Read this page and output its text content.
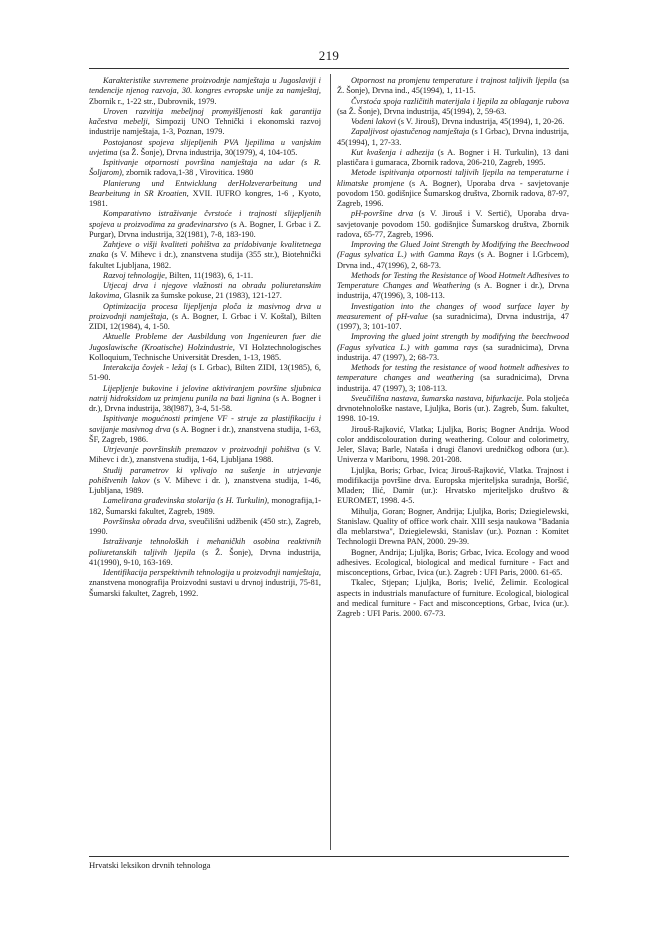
219

Karakteristike suvremene proizvodnje namještaja u Jugoslaviji i tendencije njenog razvoja, 30. kongres evropske unije za namještaj, Zbornik r., 1-22 str., Dubrovnik, 1979.

Uroven razvitija mebeljnoj promyišljenosti kak garantija kačestva mebelji, Simpozij UNO Tehnički i ekonomski razvoj industrije namještaja, 1-3, Poznan, 1979.

Postojanost spojeva slijepljenih PVA ljepilima u vanjskim uvjetima (sa Ž. Šonje), Drvna industrija, 30(1979), 4, 104-105.

Ispitivanje otpornosti površina namještaja na udar (s R. Šoljarom), zbornik radova,1-38 , Virovitica. 1980

Planierung und Entwicklung derHolzverarbeitung und Bearbeitung in SR Kroatien, XVII. IUFRO kongres, 1-6 , Kyoto, 1981.

Komparativno istraživanje čvrstoće i trajnosti slijepljenih spojeva u proizvodima za građevinarstvo (s A. Bogner, I. Grbac i Z. Purgar), Drvna industrija, 32(1981), 7-8, 183-190.

Zahtjeve o višji kvaliteti pohištva za pridobivanje kvalitetnega znaka (s V. Mihevc i dr.), znanstvena studija (355 str.), Biotehnički fakultet Ljubljana, 1982.

Razvoj tehnologije, Bilten, 11(1983), 6, 1-11.

Utjecaj drva i njegove vlažnosti na obradu poliuretanskim lakovima, Glasnik za šumske pokuse, 21 (1983), 121-127.

Optimizacija procesa lijepljenja ploča iz masivnog drva u proizvodnji namještaja, (s A. Bogner, I. Grbac i V. Koštal), Bilten ZIDI, 12(1984), 4, 1-50.

Aktuelle Probleme der Ausbildung von Ingenieuren fuer die Jugoslawische (Kroatische) Holzindustrie, VI Holztechnologisches Kolloquium, Technische Universität Dresden, 1-13, 1985.

Interakcija čovjek - ležaj (s I. Grbac), Bilten ZIDI, 13(1985), 6, 51-90.

Lijepljenje bukovine i jelovine aktiviranjem površine sljubnica natrij hidroksidom uz primjenu punila na bazi lignina (s A. Bogner i dr.), Drvna industrija, 38(l987), 3-4, 51-58.

Ispitivanje mogućnosti primjene VF - struje za plastifikaciju i savijanje masivnog drva (s A. Bogner i dr.), znanstvena studija, 1-63, ŠF, Zagreb, 1986.

Utrjevanje površinskih premazov v proizvodnji pohištva (s V. Mihevc i dr.), znanstvena studija, 1-64, Ljubljana 1988.

Studij parametrov ki vplivajo na sušenje in utrjevanje pohištvenih lakov (s V. Mihevc i dr. ), znanstvena studija, 1-46, Ljubljana, 1989.

Lamelirana građevinska stolarija (s H. Turkulin), monografija,1-182, Šumarski fakultet, Zagreb, 1989.

Površinska obrada drva, sveučilišni udžbenik (450 str.), Zagreb, 1990.

Istraživanje tehnoloških i mehaničkih osobina reaktivnih poliuretanskih taljivih ljepila (s Ž. Šonje), Drvna industrija, 41(1990), 9-10, 163-169.

Identifikacija perspektivnih tehnologija u proizvodnji namještaja, znanstvena monografija Proizvodni sustavi u drvnoj industriji, 75-81, Šumarski fakultet, Zagreb, 1992.

Otpornost na promjenu temperature i trajnost taljivih ljepila (sa Ž. Šonje), Drvna ind., 45(1994), 1, 11-15.

Čvrstoća spoja različitih materijala i ljepila za oblaganje rubova (sa Ž. Šonje), Drvna industrija, 45(1994), 2, 59-63.

Vodeni lakovi (s V. Jirouš), Drvna industrija, 45(1994), 1, 20-26.

Zapaljivost ojastučenog namještaja (s I Grbac), Drvna industrija, 45(1994), 1, 27-33.

Kut kvašenja i adhezija (s A. Bogner i H. Turkulin), 13 dani plastičara i gumaraca, Zbornik radova, 206-210, Zagreb, 1995.

Metode ispitivanja otpornosti taljivih ljepila na temperaturne i klimatske promjene (s A. Bogner), Uporaba drva - savjetovanje povodom 150. godišnjice Šumarskog društva, Zbornik radova, 87-97, Zagreb, 1996.

pH-površine drva (s V. Jirouš i V. Sertić), Uporaba drva- savjetovanje povodom 150. godišnjice Šumarskog društva, Zbornik radova, 65-77, Zagreb, 1996.

Improving the Glued Joint Strength by Modifying the Beechwood (Fagus sylvatica L.) with Gamma Rays (s A. Bogner i I.Grbcem), Drvna ind., 47(1996), 2, 68-73.

Methods for Testing the Resistance of Wood Hotmelt Adhesives to Temperature Changes and Weathering (s A. Bogner i dr.), Drvna industrija, 47(1996), 3, 108-113.

Investigation into the changes of wood surface layer by measurement of pH-value (sa suradnicima), Drvna industrija, 47 (1997), 3; 101-107.

Improving the glued joint strength by modifying the beechwood (Fagus sylvatica L.) with gamma rays (sa suradnicima), Drvna industrija. 47 (1997), 2; 68-73.

Methods for testing the resistance of wood hotmelt adhesives to temperature changes and weathering (sa suradnicima), Drvna industrija. 47 (1997), 3; 108-113.

Sveučilišna nastava, šumarska nastava, bifurkacije. Pola stoljeća drvnotehnološke nastave, Ljuljka, Boris (ur.). Zagreb, Šum. fakultet, 1998. 10-19.

Jirouš-Rajković, Vlatka; Ljuljka, Boris; Bogner Andrija. Wood color anddiscolouration during weathering. Colour and colorimetry, Jeler, Slava; Barle, Nataša i drugi članovi uredničkog odbora (ur.). Univerza v Mariboru, 1998. 201-208.

Ljuljka, Boris; Grbac, Ivica; Jirouš-Rajković, Vlatka. Trajnost i modifikacija površine drva. Europska mjeriteljska suradnja, Boršić, Mladen; Ilić, Damir (ur.): Hrvatsko mjeriteljsko društvo & EUROMET, 1998. 4-5.

Mihulja, Goran; Bogner, Andrija; Ljuljka, Boris; Dziegielewski, Stanislaw. Quality of office work chair. XIII sesja naukowa "Badania dla meblarstwa", Dziegielewski, Stanislav (ur.). Poznan : Komitet Technologii Drewna PAN, 2000. 29-39.

Bogner, Andrija; Ljuljka, Boris; Grbac, Ivica. Ecology and wood adhesives. Ecological, biological and medical furniture - Fact and misconceptions, Grbac, Ivica (ur.). Zagreb : UFI Paris, 2000. 61-65.

Tkalec, Stjepan; Ljuljka, Boris; Ivelić, Želimir. Ecological aspects in industrials manufacture of furniture. Ecological, biological and medical furniture - Fact and misconceptions, Grbac, Ivica (ur.). Zagreb : UFI Paris. 2000. 67-73.

Hrvatski leksikon drvnih tehnologa
